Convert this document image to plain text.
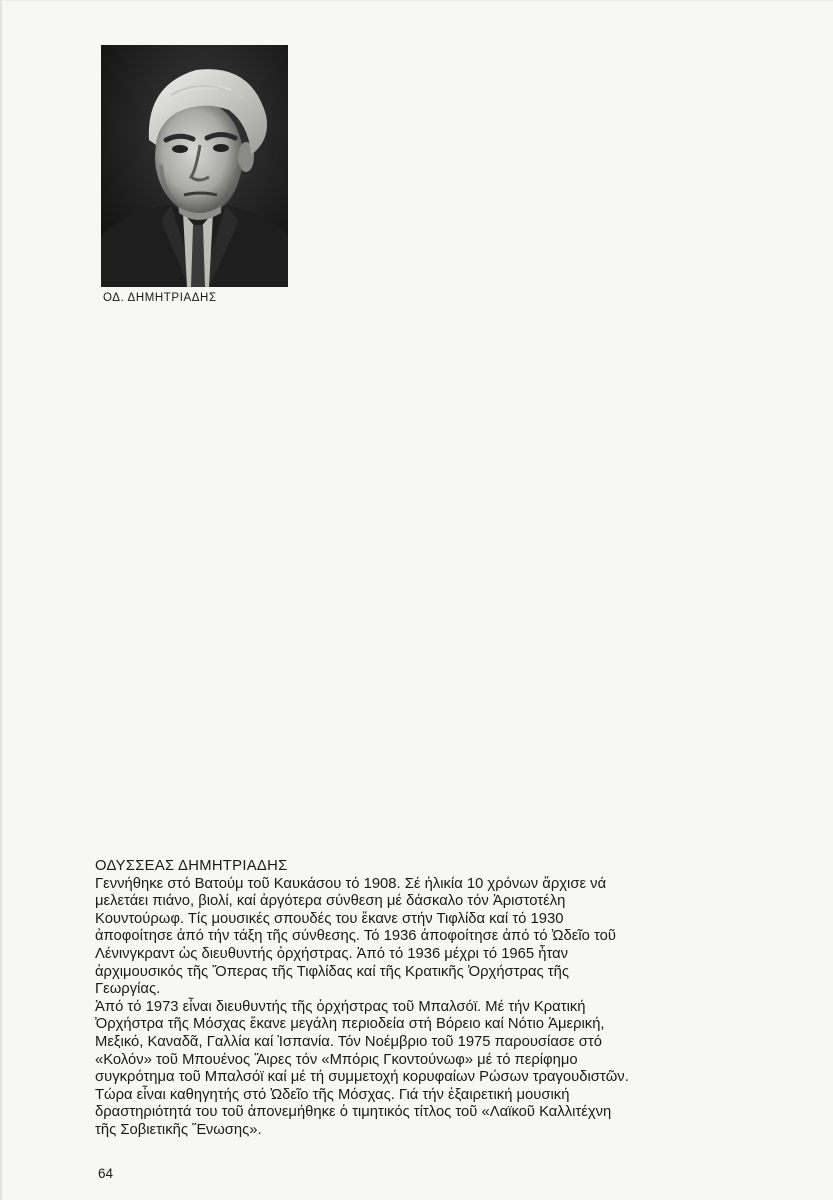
ΟΔ. ΔΗΜΗΤΡΙΑΔΗΣ
ΟΔΥΣΣΕΑΣ ΔΗΜΗΤΡΙΑΔΗΣ
Γεννήθηκε στό Βατούμ τοῦ Καυκάσου τό 1908. Σέ ἡλικία 10 χρόνων ἄρχισε νά
μελετάει πιάνο, βιολί, καί ἀργότερα σύνθεση μέ δάσκαλο τόν Ἀριστοτέλη
Κουντούρωφ. Τίς μουσικές σπουδές του ἔκανε στήν Τιφλίδα καί τό 1930
ἀποφοίτησε ἀπό τήν τάξη τῆς σύνθεσης. Τό 1936 ἀποφοίτησε ἀπό τό Ὠδεῖο τοῦ
Λένινγκραντ ὡς διευθυντής ὀρχήστρας. Ἀπό τό 1936 μέχρι τό 1965 ἦταν
ἀρχιμουσικός τῆς Ὄπερας τῆς Τιφλίδας καί τῆς Κρατικῆς Ὀρχήστρας τῆς
Γεωργίας.
Ἀπό τό 1973 εἶναι διευθυντής τῆς ὀρχήστρας τοῦ Μπαλσόϊ. Μέ τήν Κρατική
Ὀρχήστρα τῆς Μόσχας ἔκανε μεγάλη περιοδεία στή Βόρειο καί Νότιο Ἀμερική,
Μεξικό, Καναδᾶ, Γαλλία καί Ἰσπανία. Τόν Νοέμβριο τοῦ 1975 παρουσίασε στό
«Κολόν» τοῦ Μπουένος Ἄιρες τόν «Μπόρις Γκοντούνωφ» μέ τό περίφημο
συγκρότημα τοῦ Μπαλσόϊ καί μέ τή συμμετοχή κορυφαίων Ρώσων τραγουδιστῶν.
Τώρα εἶναι καθηγητής στό Ὠδεῖο τῆς Μόσχας. Γιά τήν ἐξαιρετική μουσική
δραστηριότητά του τοῦ ἀπονεμήθηκε ὁ τιμητικός τίτλος τοῦ «Λαϊκοῦ Καλλιτέχνη
τῆς Σοβιετικῆς Ἕνωσης».
64
